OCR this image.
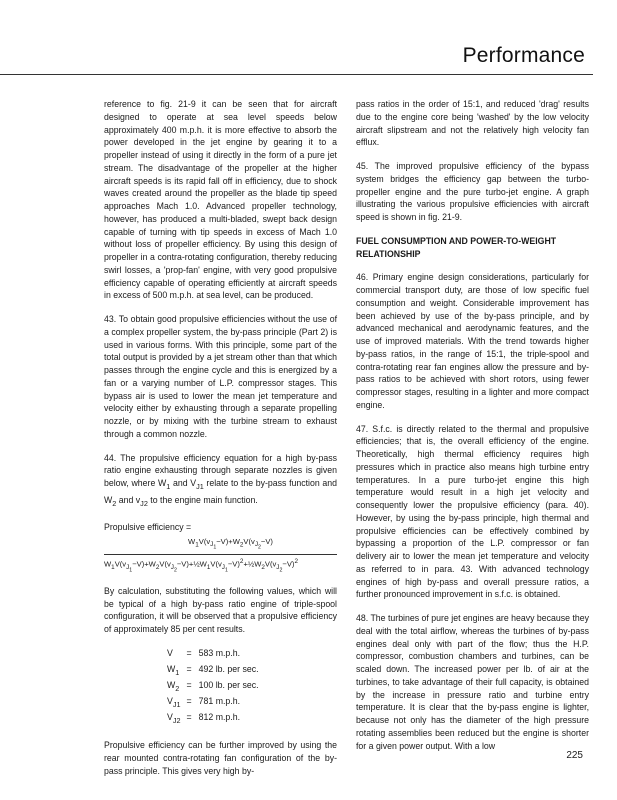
Performance

reference to fig. 21-9 it can be seen that for aircraft designed to operate at sea level speeds below approximately 400 m.p.h. it is more effective to absorb the power developed in the jet engine by gearing it to a propeller instead of using it directly in the form of a pure jet stream. The disadvantage of the propeller at the higher aircraft speeds is its rapid fall off in efficiency, due to shock waves created around the propeller as the blade tip speed approaches Mach 1.0. Advanced propeller technology, however, has produced a multi-bladed, swept back design capable of turning with tip speeds in excess of Mach 1.0 without loss of propeller efficiency. By using this design of propeller in a contra-rotating configuration, thereby reducing swirl losses, a 'prop-fan' engine, with very good propulsive efficiency capable of operating efficiently at aircraft speeds in excess of 500 m.p.h. at sea level, can be produced.

43. To obtain good propulsive efficiencies without the use of a complex propeller system, the by-pass principle (Part 2) is used in various forms. With this principle, some part of the total output is provided by a jet stream other than that which passes through the engine cycle and this is energized by a fan or a varying number of L.P. compressor stages. This bypass air is used to lower the mean jet temperature and velocity either by exhausting through a separate propelling nozzle, or by mixing with the turbine stream to exhaust through a common nozzle.

44. The propulsive efficiency equation for a high by-pass ratio engine exhausting through separate nozzles is given below, where $W_1$ and $V_{J1}$ relate to the by-pass function and $W_2$ and $v_{J2}$ to the engine main function.

Propulsive efficiency =

$W_1V(v_{J_1}-V)+W_2V(v_{J_2}-V)$
$W_1V(v_{J_1}-V)+W_2V(v_{J_2}-V)+\frac{1}{2}W_1V(v_{J_1}-V)^2+\frac{1}{2}W_2V(v_{J_2}-V)^2$

By calculation, substituting the following values, which will be typical of a high by-pass ratio engine of triple-spool configuration, it will be observed that a propulsive efficiency of approximately 85 per cent results.

V	=	583 m.p.h.
$W_1$	=	492 lb. per sec.
$W_2$	=	100 lb. per sec.
$V_{J1}$	=	781 m.p.h.
$V_{J2}$	=	812 m.p.h.

Propulsive efficiency can be further improved by using the rear mounted contra-rotating fan configuration of the by-pass principle. This gives very high by-

pass ratios in the order of 15:1, and reduced 'drag' results due to the engine core being 'washed' by the low velocity aircraft slipstream and not the relatively high velocity fan efflux.

45. The improved propulsive efficiency of the bypass system bridges the efficiency gap between the turbo-propeller engine and the pure turbo-jet engine. A graph illustrating the various propulsive efficiencies with aircraft speed is shown in fig. 21-9.

FUEL CONSUMPTION AND POWER-TO-WEIGHT RELATIONSHIP

46. Primary engine design considerations, particularly for commercial transport duty, are those of low specific fuel consumption and weight. Considerable improvement has been achieved by use of the by-pass principle, and by advanced mechanical and aerodynamic features, and the use of improved materials. With the trend towards higher by-pass ratios, in the range of 15:1, the triple-spool and contra-rotating rear fan engines allow the pressure and by-pass ratios to be achieved with short rotors, using fewer compressor stages, resulting in a lighter and more compact engine.

47. S.f.c. is directly related to the thermal and propulsive efficiencies; that is, the overall efficiency of the engine. Theoretically, high thermal efficiency requires high pressures which in practice also means high turbine entry temperatures. In a pure turbo-jet engine this high temperature would result in a high jet velocity and consequently lower the propulsive efficiency (para. 40). However, by using the by-pass principle, high thermal and propulsive efficiencies can be effectively combined by bypassing a proportion of the L.P. compressor or fan delivery air to lower the mean jet temperature and velocity as referred to in para. 43. With advanced technology engines of high by-pass and overall pressure ratios, a further pronounced improvement in s.f.c. is obtained.

48. The turbines of pure jet engines are heavy because they deal with the total airflow, whereas the turbines of by-pass engines deal only with part of the flow; thus the H.P. compressor, combustion chambers and turbines, can be scaled down. The increased power per lb. of air at the turbines, to take advantage of their full capacity, is obtained by the increase in pressure ratio and turbine entry temperature. It is clear that the by-pass engine is lighter, because not only has the diameter of the high pressure rotating assemblies been reduced but the engine is shorter for a given power output. With a low

225
